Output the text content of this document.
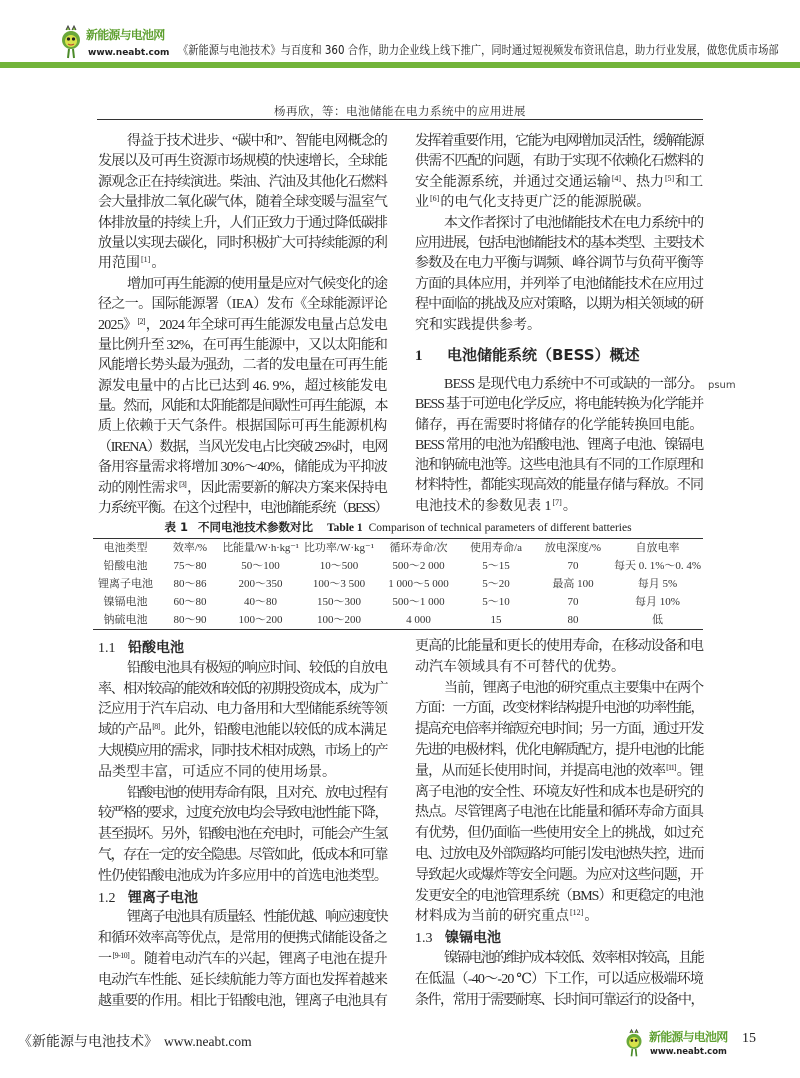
新能源与电池网
www.neabt.com 《新能源与电池技术》与百度和 360 合作，助力企业线上线下推广，同时通过短视频发布资讯信息，助力行业发展，做您优质市场部
杨再欣，等：电池储能在电力系统中的应用进展
得益于技术进步、“碳中和”、智能电网概念的
发展以及可再生资源市场规模的快速增长，全球能
源观念正在持续演进。柴油、汽油及其他化石燃料
会大量排放二氧化碳气体，随着全球变暖与温室气
体排放量的持续上升，人们正致力于通过降低碳排
放量以实现去碳化，同时积极扩大可持续能源的利
用范围[1]。
增加可再生能源的使用量是应对气候变化的途
径之一。国际能源署（IEA）发布《全球能源评论
2025》[2]，2024 年全球可再生能源发电量占总发电
量比例升至 32%，在可再生能源中，又以太阳能和
风能增长势头最为强劲，二者的发电量在可再生能
源发电量中的占比已达到 46. 9%，超过核能发电
量。然而，风能和太阳能都是间歇性可再生能源，本
质上依赖于天气条件。根据国际可再生能源机构
（IRENA）数据，当风光发电占比突破 25%时，电网
备用容量需求将增加 30%～40%，储能成为平抑波
动的刚性需求[3]，因此需要新的解决方案来保持电
力系统平衡。在这个过程中，电池储能系统（BESS）
发挥着重要作用，它能为电网增加灵活性，缓解能源
供需不匹配的问题，有助于实现不依赖化石燃料的
安全能源系统，并通过交通运输[4]、热力[5]和工
业[6]的电气化支持更广泛的能源脱碳。
本文作者探讨了电池储能技术在电力系统中的
应用进展，包括电池储能技术的基本类型、主要技术
参数及在电力平衡与调频、峰谷调节与负荷平衡等
方面的具体应用，并列举了电池储能技术在应用过
程中面临的挑战及应对策略，以期为相关领域的研
究和实践提供参考。
1 电池储能系统（BESS）概述
BESS 是现代电力系统中不可或缺的一部分。
BESS 基于可逆电化学反应，将电能转换为化学能并
储存，再在需要时将储存的化学能转换回电能。
BESS 常用的电池为铅酸电池、锂离子电池、镍镉电
池和钠硫电池等。这些电池具有不同的工作原理和
材料特性，都能实现高效的能量存储与释放。不同
电池技术的参数见表 1[7]。
psum
表 1 不同电池技术参数对比 Table 1 Comparison of technical parameters of different batteries
电池类型	效率/%	比能量/W·h·kg⁻¹	比功率/W·kg⁻¹	循环寿命/次	使用寿命/a	放电深度/%	自放电率
铅酸电池	75～80	50～100	10～500	500～2 000	5～15	70	每天 0. 1%～0. 4%
锂离子电池	80～86	200～350	100～3 500	1 000～5 000	5～20	最高 100	每月 5%
镍镉电池	60～80	40～80	150～300	500～1 000	5～10	70	每月 10%
钠硫电池	80～90	100～200	100～200	4 000	15	80	低
1.1 铅酸电池
铅酸电池具有极短的响应时间、较低的自放电
率、相对较高的能效和较低的初期投资成本，成为广
泛应用于汽车启动、电力备用和大型储能系统等领
域的产品[8]。此外，铅酸电池能以较低的成本满足
大规模应用的需求，同时技术相对成熟，市场上的产
品类型丰富，可适应不同的使用场景。
铅酸电池的使用寿命有限，且对充、放电过程有
较严格的要求，过度充放电均会导致电池性能下降，
甚至损坏。另外，铅酸电池在充电时，可能会产生氢
气，存在一定的安全隐患。尽管如此，低成本和可靠
性仍使铅酸电池成为许多应用中的首选电池类型。
1.2 锂离子电池
锂离子电池具有质量轻、性能优越、响应速度快
和循环效率高等优点，是常用的便携式储能设备之
一[9-10]。随着电动汽车的兴起，锂离子电池在提升
电动汽车性能、延长续航能力等方面也发挥着越来
越重要的作用。相比于铅酸电池，锂离子电池具有
更高的比能量和更长的使用寿命，在移动设备和电
动汽车领域具有不可替代的优势。
当前，锂离子电池的研究重点主要集中在两个
方面：一方面，改变材料结构提升电池的功率性能，
提高充电倍率并缩短充电时间；另一方面，通过开发
先进的电极材料，优化电解质配方，提升电池的比能
量，从而延长使用时间，并提高电池的效率[11]。锂
离子电池的安全性、环境友好性和成本也是研究的
热点。尽管锂离子电池在比能量和循环寿命方面具
有优势，但仍面临一些使用安全上的挑战，如过充
电、过放电及外部短路均可能引发电池热失控，进而
导致起火或爆炸等安全问题。为应对这些问题，开
发更安全的电池管理系统（BMS）和更稳定的电池
材料成为当前的研究重点[12]。
1.3 镍镉电池
镍镉电池的维护成本较低、效率相对较高，且能
在低温（-40～-20 ℃）下工作，可以适应极端环境
条件，常用于需要耐寒、长时间可靠运行的设备中，
《新能源与电池技术》 www.neabt.com	新能源与电池网
www.neabt.com
15
